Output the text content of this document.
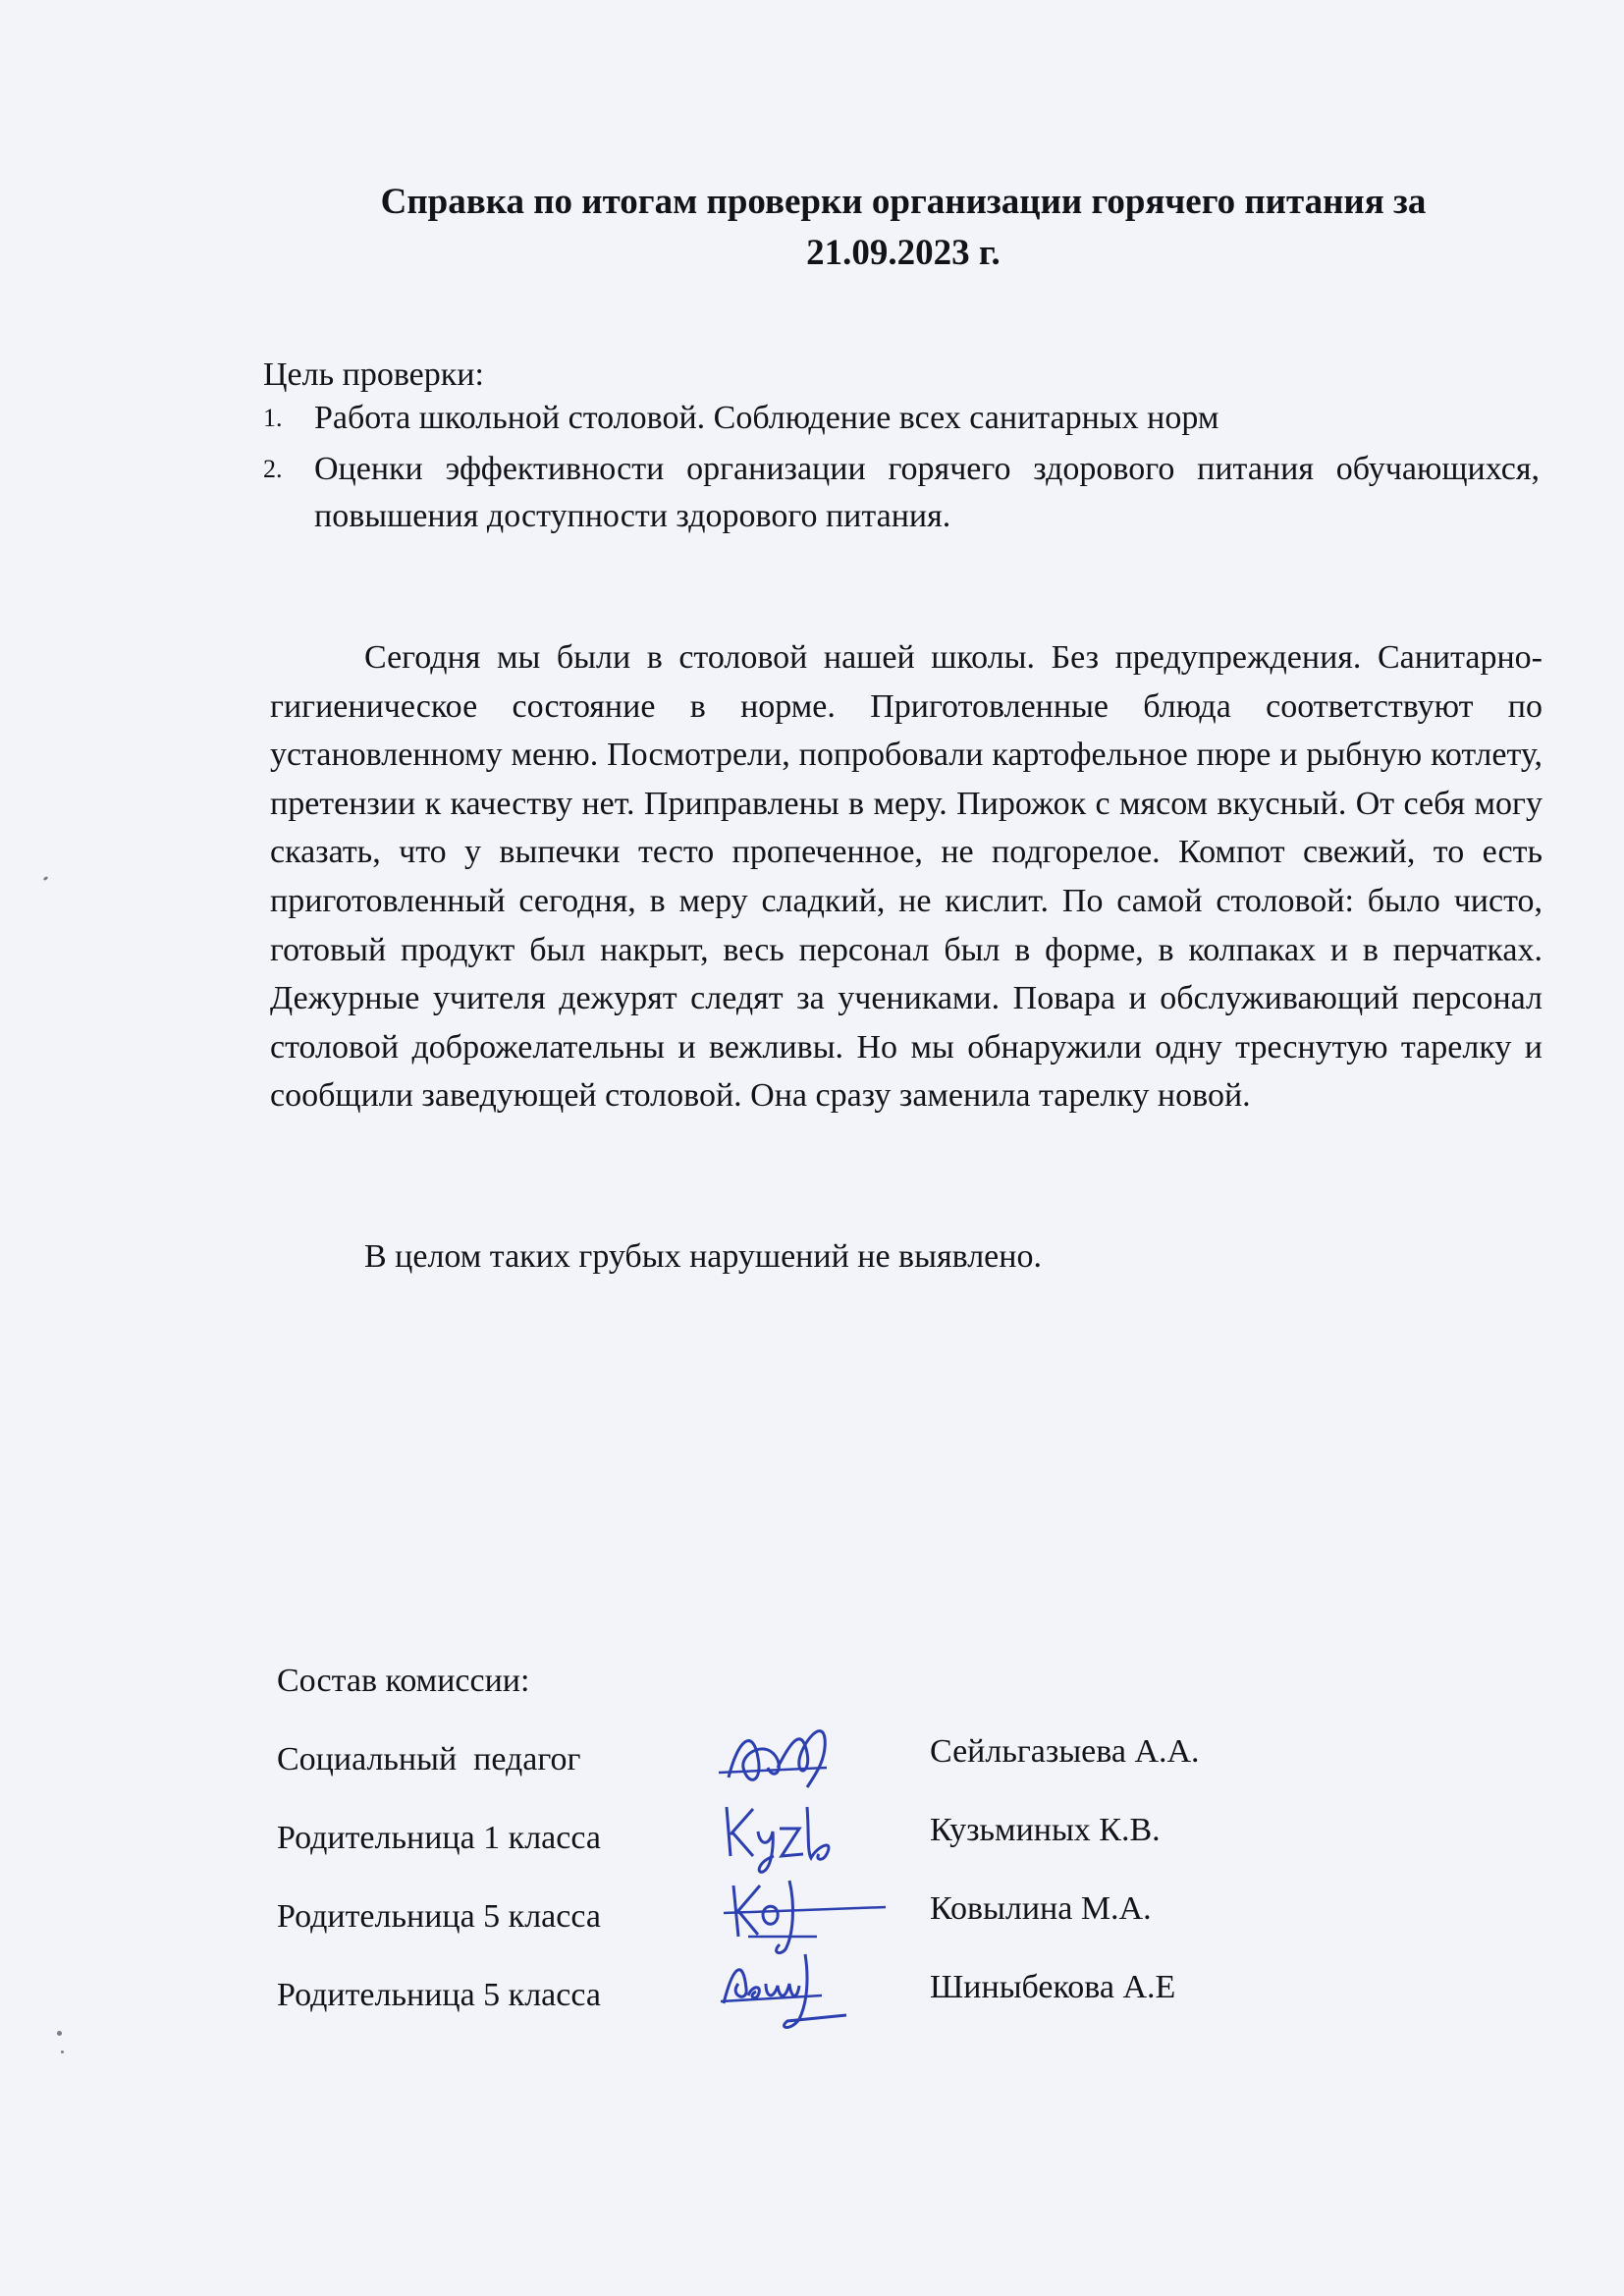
Справка по итогам проверки организации горячего питания за
21.09.2023 г.
Цель проверки:
1. Работа школьной столовой. Соблюдение всех санитарных норм
2. Оценки эффективности организации горячего здорового питания обучающихся, повышения доступности здорового питания.

Сегодня мы были в столовой нашей школы. Без предупреждения. Санитарно-гигиеническое состояние в норме. Приготовленные блюда соответствуют по установленному меню. Посмотрели, попробовали картофельное пюре и рыбную котлету, претензии к качеству нет. Приправлены в меру. Пирожок с мясом вкусный. От себя могу сказать, что у выпечки тесто пропеченное, не подгорелое. Компот свежий, то есть приготовленный сегодня, в меру сладкий, не кислит. По самой столовой: было чисто, готовый продукт был накрыт, весь персонал был в форме, в колпаках и в перчатках. Дежурные учителя дежурят следят за учениками. Повара и обслуживающий персонал столовой доброжелательны и вежливы. Но мы обнаружили одну треснутую тарелку и сообщили заведующей столовой. Она сразу заменила тарелку новой.

В целом таких грубых нарушений не выявлено.

Состав комиссии:
Социальный  педагог	Сейльгазыева А.А.
Родительница 1 класса	Кузьминых К.В.
Родительница 5 класса	Ковылина М.А.
Родительница 5 класса	Шиныбекова А.Е
